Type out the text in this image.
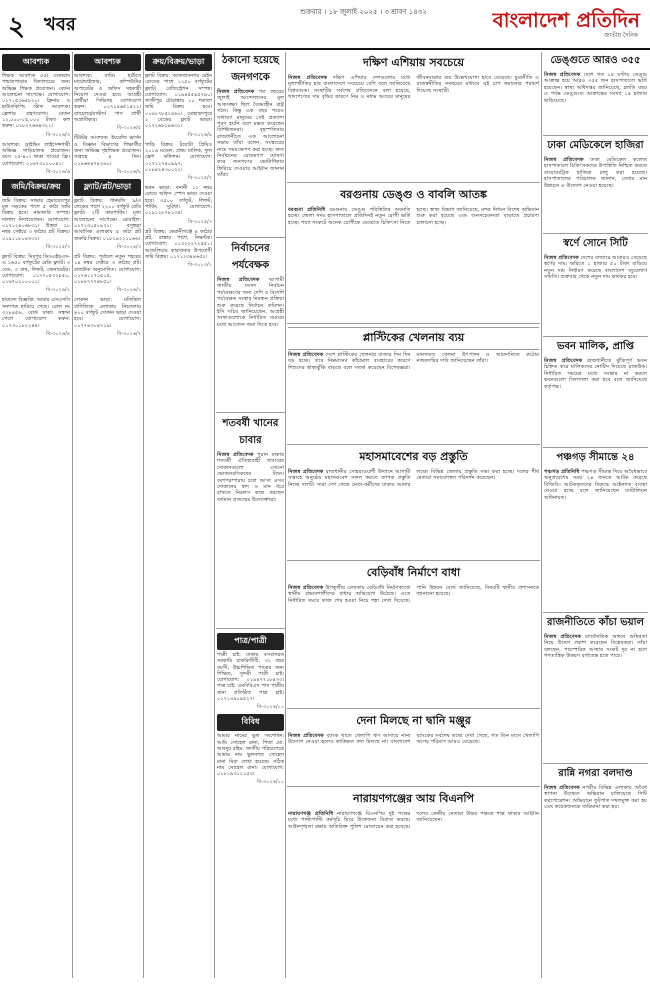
২ খবর
শুক্রবার । ১৮ জুলাই ২০২৫ । ৩ শ্রাবণ ১৪৩২	বাংলাদেশ প্রতিদিন
জাতীয় দৈনিক
আবশ্যক

শিক্ষক আবশ্যক ৫৫/ ঢেকারাম পশ্চাতপাড়ার বিদ্যালয়ের জন্য অভিজ্ঞ শিক্ষক প্রয়োজন। বেতন আলোচনা সাপেক্ষে। যোগাযোগ: ০১৭১৫৩৬৫৮২০। ক্লিনার ও হাউসকিপিং স্টাফ আবশ্যক। ফ্রেশার গ্রহণযোগ্য। বেতন ১২,০০০-১৫,০০০ টাকা। কল করুন: ০১৮২৭৬৬৪৩২১।

বি-৩০২৬/৩

আবশ্যক: ড্রাইভিং লাইসেন্সধারী অভিজ্ঞ গাড়িচালক প্রয়োজন। বয়স ২৫-৪০। থাকা খাওয়া ফ্রি। যোগাযোগ: ০১৬৭৩০১০০৪১।

বি-৩০২৬/৬
জমি/বিক্রয়/ক্রয়

জমি বিক্রয়: সাভার হেমায়েতপুর মূল সড়কের পাশে ৫ কাঠা জমি বিক্রয় হবে। নামজারি সম্পন্ন। দালাল নিষ্প্রয়োজন। যোগাযোগ: ০১৭১২৪০৬৮৩১। উত্তরা ১০ নম্বর সেক্টরে ৩ কাঠার প্লট বিক্রয়। ০১৯১১৮০৪৩৩২।

বি-৩০২৫/৩

ফ্ল্যাট বিক্রয়: মিরপুর ডিওএইচএস-এ ১৬৫০ বর্গফুটের রেডি ফ্ল্যাট। ৩ বেড, ৩ বাথ, লিফট, জেনারেটর। যোগাযোগ: ০১৭৭০৫৩২৮৫০, ০১৬৭০২০০০০১।

বি-৩০২৬/২

হারানো বিজ্ঞপ্তি: আমার এসএসসি সনদপত্র হারিয়ে গেছে। রোল নং ৩২৮৪৫৬, বোর্ড ঢাকা। সন্ধান পেলে যোগাযোগ করুন: ০১৭৩০১৮২২৪৪।

বি-৩০২৬/৪
আবশ্যক

আবশ্যক: বায়িং হাউসে মার্চেন্ডাইজার, কম্পিউটার অপারেটর ও অফিস সহকারী নিয়োগ দেওয়া হবে। আগ্রহী প্রার্থীরা সিভিসহ যোগাযোগ করুন: ০১৭২৯৬৫১৫২১। ব্যাচেলর/মাস্টার্স পাস প্রার্থী অগ্রাধিকার।

বি-৩০২৬/৫

টিউটর আবশ্যক: ইংরেজি ভার্সন ও বিজ্ঞান বিভাগের শিক্ষার্থীর জন্য অভিজ্ঞ গৃহশিক্ষক প্রয়োজন। সপ্তাহে ৪ দিন। ০১৯৬৪৪৭৮২৬০।

বি-৩০২৬/৮
ফ্ল্যাট/প্লট/ভাড়া

ফ্ল্যাট বিক্রয়: ধানমন্ডি ৯/এ লেকের পাশে ২২০০ বর্গফুট রেডি ফ্ল্যাট। ২টি কারপার্কিং। মূল্য আলোচনা সাপেক্ষে। মোবাইল: ০১৭১৩০৫১৯৭১। বসুন্ধরা আবাসিক এলাকায় ৫ কাঠা প্লট জরুরি বিক্রয়। ০১৮১৯২২১০৬৬।

বি-৩০২৪/৩

প্লট বিক্রয়: পূর্বাচল নতুন শহরের ১৪ নম্বর সেক্টরে ৩ কাঠার প্লট। রাজউক অনুমোদিত। যোগাযোগ: ০১৭৬১১৭০৫০৫, ০১৮৮৭৭৭৪৮৫০।

বি-৩০২৬/১

দোকান ভাড়া: মতিঝিল বাণিজ্যিক এলাকায় নিচতলায় ৪০০ বর্গফুট দোকান ভাড়া দেওয়া হবে। যোগাযোগ: ০১৭৭৪৩০৪৭১৯।

বি-৩০২৬/৭
ক্রয়/বিক্রয়/ভাড়া

ফ্ল্যাট বিক্রয়: আফতাবনগর মেইন রোডের পাশে ১২৫০ বর্গফুটের ফ্ল্যাট। রেজিস্ট্রেশন সম্পন্ন। যোগাযোগ: ০১৯৪৫৫৪৫৭৯০। গাজীপুর চৌরাস্তায় ১০ শতাংশ জমি বিক্রয় হবে। ০১৬২৭৮৫২৪৬০। মোহাম্মদপুরে ২ বেডের ফ্ল্যাট ভাড়া। ০১৭২৬৮১৯৬৩১।

বি-৩০২৬/৯

গাড়ি বিক্রয়: টয়োটা প্রিমিও ২০১৬ মডেল, প্রথম মালিক, ফুল ফ্রেশ কন্ডিশন। যোগাযোগ: ০১৭১১৭৪০৯৯৭, ০১৮৪২৪৩০০২২।

বি-৩০২৫/৭

ভবন ভাড়া: বনানী ১১ নম্বর রোডে অফিস স্পেস ভাড়া দেওয়া হবে। ৩৫০০ বর্গফুট, লিফট, পার্কিং সুবিধা। যোগাযোগ: ০১৯১২৮৭৮১৩৪।

বি-৩০২৫/৩

প্লট বিক্রয়: কেরানীগঞ্জে ৪ কাঠার প্লট, রাস্তার পাশে, নিষ্কণ্টক। যোগাযোগ: ০১৩২২২৭২৫৫১। আশুলিয়ায় কারখানার উপযোগী জমি বিক্রয়। ০১৭১২৩৪৪৬৫২।

বি-৩০২৩/২
ঠকানো হয়েছে জনগণকে
নিজস্ব প্রতিবেদক গত বছরের জুলাই আন্দোলনের মূল আকাঙ্ক্ষা ছিল বৈষম্যহীন রাষ্ট্র গঠন। কিন্তু এক বছর পরেও সাধারণ মানুষের সেই প্রত্যাশা পূরণ হয়নি বলে মন্তব্য করেছেন বিশিষ্টজনরা। বৃহস্পতিবার রাজধানীতে এক আলোচনা সভায় তাঁরা বলেন, সংস্কারের নামে সময়ক্ষেপণ করা হচ্ছে। দ্রুত নির্বাচনের রোডম্যাপ ঘোষণা করে জনগণের ভোটাধিকার ফিরিয়ে দেওয়ার আহ্বান জানান তাঁরা।
নির্বাচনের পর্যবেক্ষক
নিজস্ব প্রতিবেদক আগামী জাতীয় সংসদ নির্বাচন পর্যবেক্ষণের জন্য দেশি ও বিদেশি পর্যবেক্ষক সংস্থার নিবন্ধন প্রক্রিয়া শুরু করেছে নির্বাচন কমিশন। ইসি সচিব জানিয়েছেন, আগ্রহী সংস্থাগুলোকে নির্ধারিত সময়ের মধ্যে আবেদন জমা দিতে হবে।
শতবর্ষী খানের চাবার
নিজস্ব প্রতিবেদক পুরান ঢাকার শতবর্ষী ঐতিহ্যবাহী খাবারের দোকানগুলো এখনো ভোজনরসিকদের টানে। বংশপরম্পরায় চলে আসা এসব দোকানের স্বাদ ও মান ধরে রাখতে নিরলস কাজ করছেন বর্তমান প্রজন্মের উদ্যোক্তারা।
পাত্র/পাত্রী

পাত্রী চাই: ঢাকায় বসবাসরত সরকারি চাকরিজীবী, ৩২ বছর বয়সী, উচ্চশিক্ষিত পাত্রের জন্য শিক্ষিত, সুন্দরী পাত্রী চাই। যোগাযোগ: ০১৯৪৭৭১৮৪৩৩। পাত্র চাই: এমবিবিএস পাস পাত্রীর জন্য প্রতিষ্ঠিত পাত্র চাই। ০১৭১৩৯০৯৫২৭।

বি-৩০২৬/১০
বিবিধ

আমার নামের ভুল সংশোধন: আমি সোহেল রানা, পিতা মো. আবদুর রহিম, জাতীয় পরিচয়পত্রে আমার নাম ভুলবশত সোহেল রানা মিয়া লেখা হয়েছে। সঠিক নাম সোহেল রানা। যোগাযোগ: ০১৮১৯৩১২১৫৩।

বি-৩০২৬/১১
দক্ষিণ এশিয়ায় সবচেয়ে
নিজস্ব প্রতিবেদক দক্ষিণ এশিয়ার দেশগুলোর মধ্যে মূল্যস্ফীতির হার বাংলাদেশে সবচেয়ে বেশি বলে জানিয়েছে বিশ্বব্যাংক। সংস্থাটির সর্বশেষ প্রতিবেদনে বলা হয়েছে, খাদ্যপণ্যের দাম বৃদ্ধির কারণে নিম্ন ও মধ্যম আয়ের মানুষের জীবনযাত্রার ব্যয় উল্লেখযোগ্য হারে বেড়েছে। মুদ্রানীতি ও রাজস্বনীতির সমন্বয়ের মাধ্যমে এই চাপ কমানোর পরামর্শ দিয়েছে সংস্থাটি।
বরগুনায় ডেঙ্গু ও বাবলি আতঙ্ক
বরগুনা প্রতিনিধি বরগুনায় ডেঙ্গু পরিস্থিতির অবনতি হচ্ছে। জেলা সদর হাসপাতালে প্রতিদিনই নতুন রোগী ভর্তি হচ্ছে। শয্যা সংকটে অনেক রোগীকে মেঝেতে চিকিৎসা নিতে হচ্ছে। স্বাস্থ্য বিভাগ জানিয়েছে, মশক নিধনে বিশেষ অভিযান শুরু করা হয়েছে এবং জনসচেতনতা বাড়াতে প্রচারণা চালানো হচ্ছে।
প্লাস্টিকের খেলনায় ব্যয়
নিজস্ব প্রতিবেদক দেশে প্লাস্টিকের খেলনার বাজার দিন দিন বড় হচ্ছে। তবে নিম্নমানের কাঁচামাল ব্যবহারের কারণে শিশুদের স্বাস্থ্যঝুঁকি বাড়ছে বলে সতর্ক করেছেন বিশেষজ্ঞরা। মানসম্মত খেলনা উৎপাদন ও আমদানিতে কঠোর নজরদারির দাবি জানিয়েছেন তাঁরা।
মহাসমাবেশের বড় প্রস্তুতি
নিজস্ব প্রতিবেদক রাজধানীর সোহরাওয়ার্দী উদ্যানে আগামী সপ্তাহে অনুষ্ঠেয় মহাসমাবেশ সফল করতে ব্যাপক প্রস্তুতি নিচ্ছে দলটি। সারা দেশ থেকে নেতা-কর্মীদের ঢাকায় আনার লক্ষ্যে বিভিন্ন জেলায় প্রস্তুতি সভা করা হচ্ছে। দলের শীর্ষ নেতারা সমাবেশস্থল পরিদর্শন করেছেন।
বেড়িবাঁধ নির্মাণে বাধা
নিজস্ব প্রতিবেদক উপকূলীয় এলাকায় বেড়িবাঁধ নির্মাণকাজে স্থানীয় প্রভাবশালীদের বাধার অভিযোগ উঠেছে। এতে নির্ধারিত সময়ে কাজ শেষ হওয়া নিয়ে শঙ্কা দেখা দিয়েছে। পানি উন্নয়ন বোর্ড জানিয়েছে, বিষয়টি স্থানীয় প্রশাসনকে জানানো হয়েছে।
দেনা মিলছে না দ্বানি মঞ্জুর
নিজস্ব প্রতিবেদক ব্যাংক খাতে খেলাপি ঋণ আদায়ে নানা উদ্যোগ নেওয়া হলেও কাঙ্ক্ষিত ফল মিলছে না। বাংলাদেশ ব্যাংকের সর্বশেষ তথ্যে দেখা গেছে, গত তিন মাসে খেলাপি ঋণের পরিমাণ আরও বেড়েছে।
নারায়ণগঞ্জের আয় বিএনপি
নারায়ণগঞ্জ প্রতিনিধি নারায়ণগঞ্জে বিএনপির দুই পক্ষের মধ্যে পাল্টাপাল্টি কর্মসূচি ঘিরে উত্তেজনা বিরাজ করছে। আইনশৃঙ্খলা রক্ষায় অতিরিক্ত পুলিশ মোতায়েন করা হয়েছে। দলের কেন্দ্রীয় নেতারা উভয় পক্ষকে শান্ত থাকার আহ্বান জানিয়েছেন।
ডেঙ্গুতে আরও ৩৫৫
নিজস্ব প্রতিবেদক দেশে গত ২৪ ঘণ্টায় ডেঙ্গু আক্রান্ত হয়ে আরও ৩৫৫ জন হাসপাতালে ভর্তি হয়েছেন। স্বাস্থ্য অধিদপ্তর জানিয়েছে, চলতি বছর এ পর্যন্ত ডেঙ্গুতে আক্রান্তের সংখ্যা ১৫ হাজার ছাড়িয়েছে।
ঢাকা মেডিকেলে হাজিরা
নিজস্ব প্রতিবেদক ঢাকা মেডিকেল কলেজ হাসপাতালে চিকিৎসকদের উপস্থিতি নিশ্চিত করতে বায়োমেট্রিক হাজিরা চালু করা হয়েছে। হাসপাতালের পরিচালক জানান, সেবার মান উন্নয়নে এ উদ্যোগ নেওয়া হয়েছে।
স্বর্ণে সোনে সিটি
নিজস্ব প্রতিবেদক দেশের বাজারে আবারও বেড়েছে স্বর্ণের দাম। ভরিতে ১ হাজার ৫০ টাকা বাড়িয়ে নতুন দাম নির্ধারণ করেছে বাংলাদেশ জুয়েলার্স সমিতি। শুক্রবার থেকে নতুন দাম কার্যকর হবে।
ভবন মালিক, প্রাপ্তি
নিজস্ব প্রতিবেদক রাজধানীতে ঝুঁকিপূর্ণ ভবন চিহ্নিত করে মালিকদের নোটিস দিয়েছে রাজউক। নির্ধারিত সময়ের মধ্যে সংস্কার না করলে ভবনগুলো সিলগালা করা হবে বলে জানিয়েছে কর্তৃপক্ষ।
পঞ্চগড় সীমান্তে ২৪
পঞ্চগড় প্রতিনিধি পঞ্চগড় সীমান্ত দিয়ে অবৈধভাবে অনুপ্রবেশের সময় ২৪ জনকে আটক করেছে বিজিবি। আটককৃতদের বিরুদ্ধে আইনগত ব্যবস্থা নেওয়া হচ্ছে বলে জানিয়েছেন ব্যাটালিয়ন অধিনায়ক।
রাজনীতিতে কাঁচা ভয়াল
নিজস্ব প্রতিবেদক রাজনৈতিক অঙ্গনে অস্থিরতা নিয়ে উদ্বেগ প্রকাশ করেছেন বিশ্লেষকরা। তাঁরা বলছেন, পারস্পরিক আস্থার সংকট দূর না হলে গণতান্ত্রিক উত্তরণ বাধাগ্রস্ত হতে পারে।
রান্নি নগরা বলদাণ্ড
নিজস্ব প্রতিবেদক নগরীর বিভিন্ন এলাকায় অবৈধ স্থাপনা উচ্ছেদে অভিযান চালিয়েছে সিটি করপোরেশন। অভিযানে ফুটপাত দখলমুক্ত করা হয় এবং কয়েকজনকে জরিমানা করা হয়।
